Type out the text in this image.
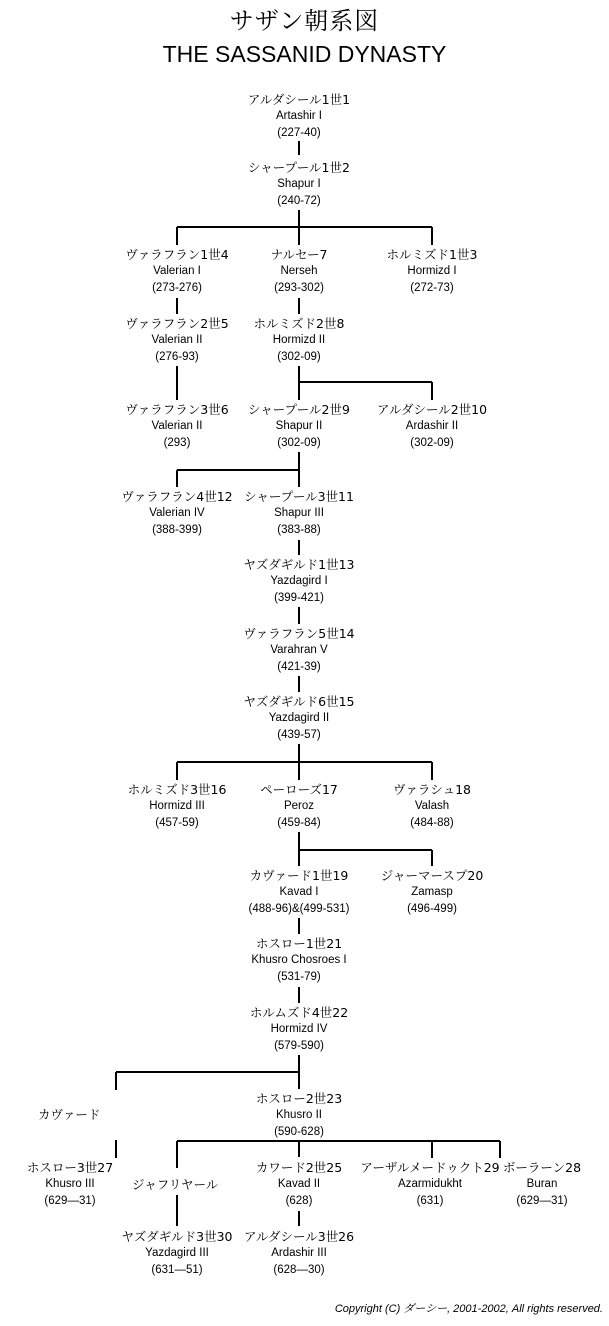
サザン朝系図
THE SASSANID DYNASTY
アルダシール1世1
Artashir I
(227-40)
シャープール1世2
Shapur I
(240-72)
ヴァラフラン1世4
Valerian I
(273-276)
ナルセー7
Nerseh
(293-302)
ホルミズド1世3
Hormizd I
(272-73)
ヴァラフラン2世5
Valerian II
(276-93)
ホルミズド2世8
Hormizd II
(302-09)
ヴァラフラン3世6
Valerian II
(293)
シャープール2世9
Shapur II
(302-09)
アルダシール2世10
Ardashir II
(302-09)
ヴァラフラン4世12
Valerian IV
(388-399)
シャープール3世11
Shapur III
(383-88)
ヤズダギルド1世13
Yazdagird I
(399-421)
ヴァラフラン5世14
Varahran V
(421-39)
ヤズダギルド6世15
Yazdagird II
(439-57)
ホルミズド3世16
Hormizd III
(457-59)
ペーローズ17
Peroz
(459-84)
ヴァラシュ18
Valash
(484-88)
カヴァード1世19
Kavad I
(488-96)&(499-531)
ジャーマースプ20
Zamasp
(496-499)
ホスロー1世21
Khusro Chosroes I
(531-79)
ホルムズド4世22
Hormizd IV
(579-590)
ホスロー2世23
Khusro II
(590-628)
ホスロー3世27
Khusro III
(629—31)
カワード2世25
Kavad II
(628)
アーザルメードゥクト29
Azarmidukht
(631)
ボーラーン28
Buran
(629—31)
ヤズダギルド3世30
Yazdagird III
(631—51)
アルダシール3世26
Ardashir III
(628—30)
カヴァード
ジャフリヤール
Copyright (C) ダーシー, 2001-2002, All rights reserved.
